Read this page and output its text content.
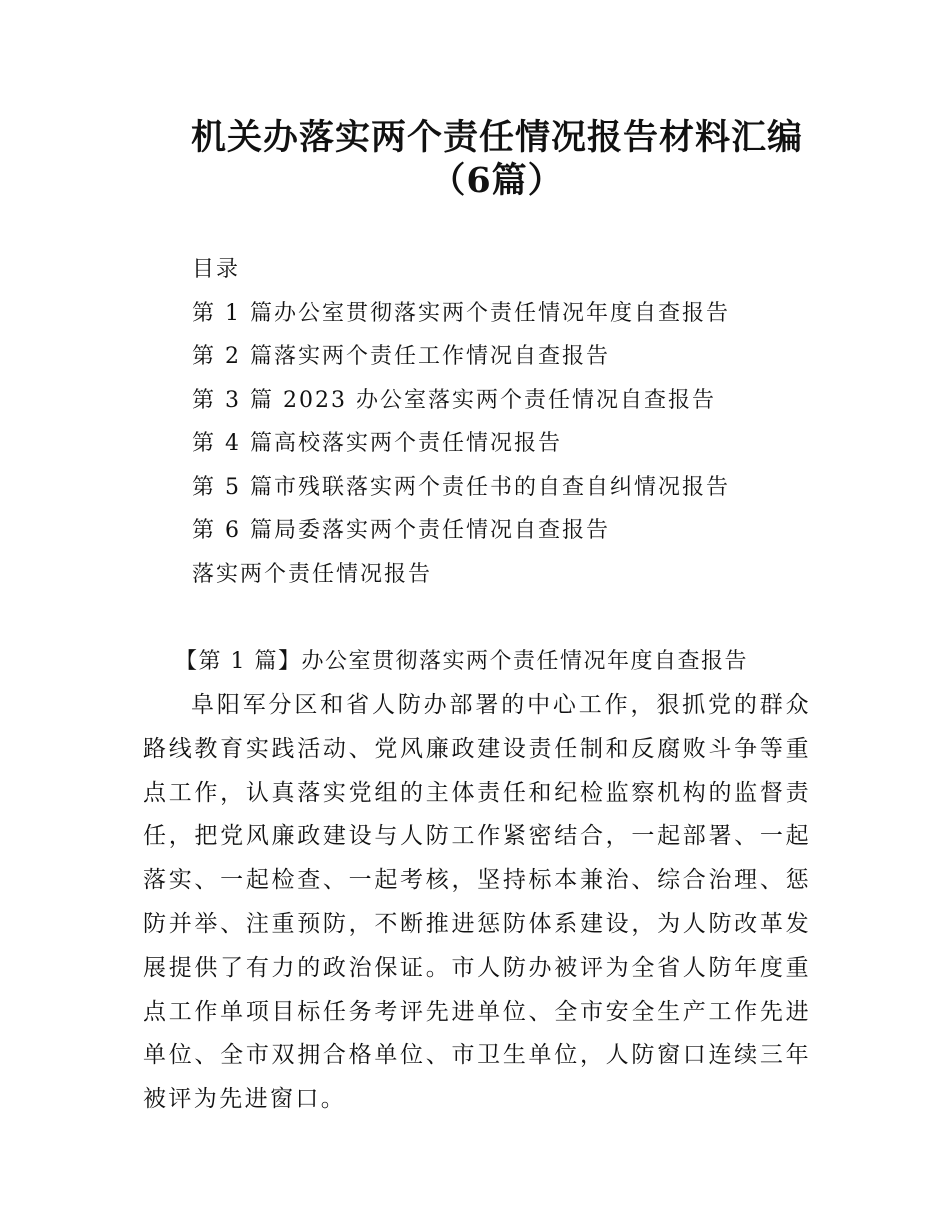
机关办落实两个责任情况报告材料汇编
（6篇）
目录
第 1 篇办公室贯彻落实两个责任情况年度自查报告
第 2 篇落实两个责任工作情况自查报告
第 3 篇 2023 办公室落实两个责任情况自查报告
第 4 篇高校落实两个责任情况报告
第 5 篇市残联落实两个责任书的自查自纠情况报告
第 6 篇局委落实两个责任情况自查报告
落实两个责任情况报告
【第 1 篇】办公室贯彻落实两个责任情况年度自查报告

阜阳军分区和省人防办部署的中心工作，狠抓党的群众路线教育实践活动、党风廉政建设责任制和反腐败斗争等重点工作，认真落实党组的主体责任和纪检监察机构的监督责任，把党风廉政建设与人防工作紧密结合，一起部署、一起落实、一起检查、一起考核，坚持标本兼治、综合治理、惩防并举、注重预防，不断推进惩防体系建设，为人防改革发展提供了有力的政治保证。市人防办被评为全省人防年度重点工作单项目标任务考评先进单位、全市安全生产工作先进单位、全市双拥合格单位、市卫生单位，人防窗口连续三年被评为先进窗口。
